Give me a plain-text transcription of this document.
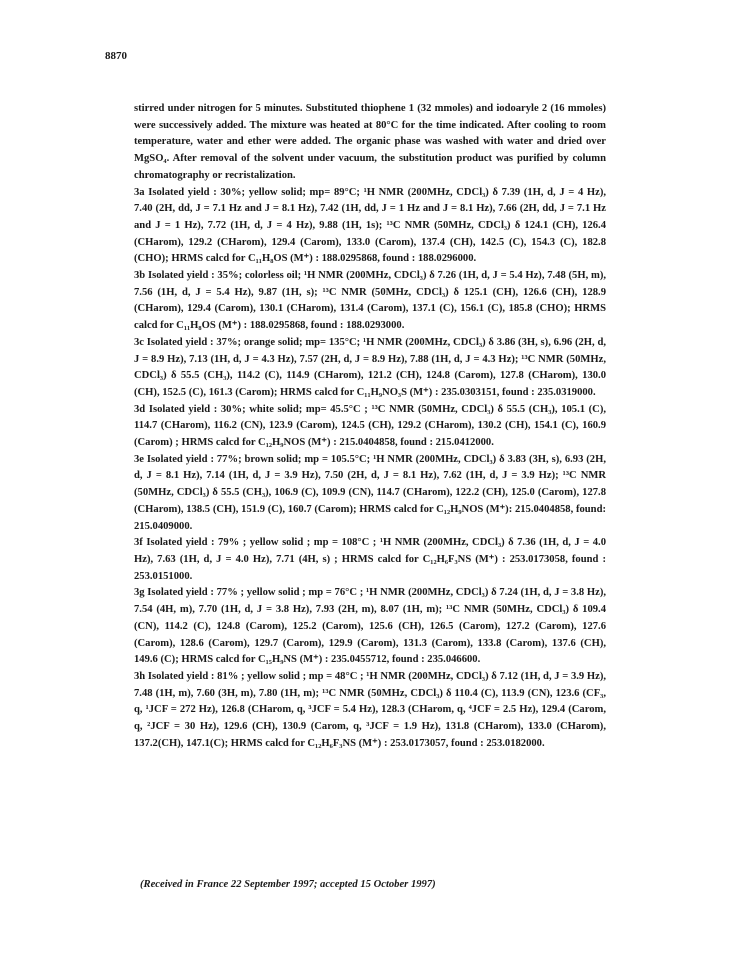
8870

stirred under nitrogen for 5 minutes. Substituted thiophene 1 (32 mmoles) and iodoaryle 2 (16 mmoles) were successively added. The mixture was heated at 80°C for the time indicated. After cooling to room temperature, water and ether were added. The organic phase was washed with water and dried over MgSO₄. After removal of the solvent under vacuum, the substitution product was purified by column chromatography or recristalization.

3a Isolated yield : 30%; yellow solid; mp= 89°C; ¹H NMR (200MHz, CDCl₃) δ 7.39 (1H, d, J = 4 Hz), 7.40 (2H, dd, J = 7.1 Hz and J = 8.1 Hz), 7.42 (1H, dd, J = 1 Hz and J = 8.1 Hz), 7.66 (2H, dd, J = 7.1 Hz and J = 1 Hz), 7.72 (1H, d, J = 4 Hz), 9.88 (1H, 1s); ¹³C NMR (50MHz, CDCl₃) δ 124.1 (CH), 126.4 (CHarom), 129.2 (CHarom), 129.4 (Carom), 133.0 (Carom), 137.4 (CH), 142.5 (C), 154.3 (C), 182.8 (CHO); HRMS calcd for C₁₁H₈OS (M⁺) : 188.0295868, found : 188.0296000.

3b Isolated yield : 35%; colorless oil; ¹H NMR (200MHz, CDCl₃) δ 7.26 (1H, d, J = 5.4 Hz), 7.48 (5H, m), 7.56 (1H, d, J = 5.4 Hz), 9.87 (1H, s); ¹³C NMR (50MHz, CDCl₃) δ 125.1 (CH), 126.6 (CH), 128.9 (CHarom), 129.4 (Carom), 130.1 (CHarom), 131.4 (Carom), 137.1 (C), 156.1 (C), 185.8 (CHO); HRMS calcd for C₁₁H₈OS (M⁺) : 188.0295868, found : 188.0293000.

3c Isolated yield : 37%; orange solid; mp= 135°C; ¹H NMR (200MHz, CDCl₃) δ 3.86 (3H, s), 6.96 (2H, d, J = 8.9 Hz), 7.13 (1H, d, J = 4.3 Hz), 7.57 (2H, d, J = 8.9 Hz), 7.88 (1H, d, J = 4.3 Hz); ¹³C NMR (50MHz, CDCl₃) δ 55.5 (CH₃), 114.2 (C), 114.9 (CHarom), 121.2 (CH), 124.8 (Carom), 127.8 (CHarom), 130.0 (CH), 152.5 (C), 161.3 (Carom); HRMS calcd for C₁₁H₉NO₃S (M⁺) : 235.0303151, found : 235.0319000.

3d Isolated yield : 30%; white solid; mp= 45.5°C ; ¹³C NMR (50MHz, CDCl₃) δ 55.5 (CH₃), 105.1 (C), 114.7 (CHarom), 116.2 (CN), 123.9 (Carom), 124.5 (CH), 129.2 (CHarom), 130.2 (CH), 154.1 (C), 160.9 (Carom) ; HRMS calcd for C₁₂H₉NOS (M⁺) : 215.0404858, found : 215.0412000.

3e Isolated yield : 77%; brown solid; mp = 105.5°C; ¹H NMR (200MHz, CDCl₃) δ 3.83 (3H, s), 6.93 (2H, d, J = 8.1 Hz), 7.14 (1H, d, J = 3.9 Hz), 7.50 (2H, d, J = 8.1 Hz), 7.62 (1H, d, J = 3.9 Hz); ¹³C NMR (50MHz, CDCl₃) δ 55.5 (CH₃), 106.9 (C), 109.9 (CN), 114.7 (CHarom), 122.2 (CH), 125.0 (Carom), 127.8 (CHarom), 138.5 (CH), 151.9 (C), 160.7 (Carom); HRMS calcd for C₁₂H₉NOS (M⁺): 215.0404858, found: 215.0409000.

3f Isolated yield : 79% ; yellow solid ; mp = 108°C ; ¹H NMR (200MHz, CDCl₃) δ 7.36 (1H, d, J = 4.0 Hz), 7.63 (1H, d, J = 4.0 Hz), 7.71 (4H, s) ; HRMS calcd for C₁₂H₆F₃NS (M⁺) : 253.0173058, found : 253.0151000.

3g Isolated yield : 77% ; yellow solid ; mp = 76°C ; ¹H NMR (200MHz, CDCl₃) δ 7.24 (1H, d, J = 3.8 Hz), 7.54 (4H, m), 7.70 (1H, d, J = 3.8 Hz), 7.93 (2H, m), 8.07 (1H, m); ¹³C NMR (50MHz, CDCl₃) δ 109.4 (CN), 114.2 (C), 124.8 (Carom), 125.2 (Carom), 125.6 (CH), 126.5 (Carom), 127.2 (Carom), 127.6 (Carom), 128.6 (Carom), 129.7 (Carom), 129.9 (Carom), 131.3 (Carom), 133.8 (Carom), 137.6 (CH), 149.6 (C); HRMS calcd for C₁₅H₉NS (M⁺) : 235.0455712, found : 235.046600.

3h Isolated yield : 81% ; yellow solid ; mp = 48°C ; ¹H NMR (200MHz, CDCl₃) δ 7.12 (1H, d, J = 3.9 Hz), 7.48 (1H, m), 7.60 (3H, m), 7.80 (1H, m); ¹³C NMR (50MHz, CDCl₃) δ 110.4 (C), 113.9 (CN), 123.6 (CF₃, q, ¹JCF = 272 Hz), 126.8 (CHarom, q, ³JCF = 5.4 Hz), 128.3 (CHarom, q, ⁴JCF = 2.5 Hz), 129.4 (Carom, q, ²JCF = 30 Hz), 129.6 (CH), 130.9 (Carom, q, ³JCF = 1.9 Hz), 131.8 (CHarom), 133.0 (CHarom), 137.2(CH), 147.1(C); HRMS calcd for C₁₂H₆F₃NS (M⁺) : 253.0173057, found : 253.0182000.

(Received in France 22 September 1997; accepted 15 October 1997)
